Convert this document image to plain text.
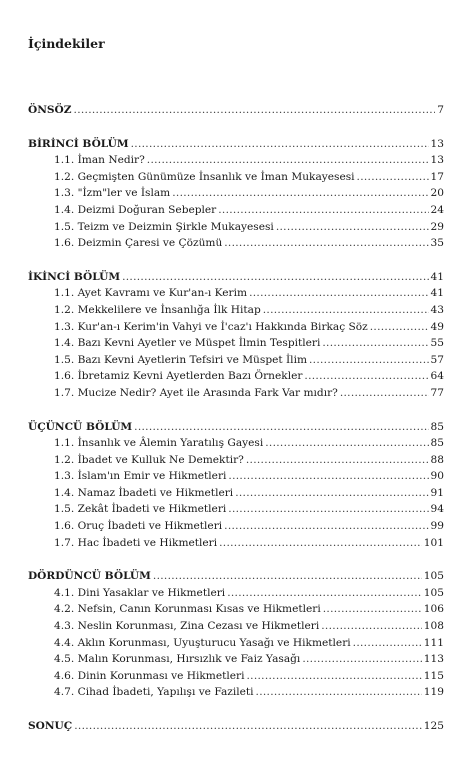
İçindekiler
ÖNSÖZ .....	7
BİRİNCİ BÖLÜM .....	13
1.1. İman Nedir? .....	13
1.2. Geçmişten Günümüze İnsanlık ve İman Mukayesesi .....	17
1.3. "İzm"ler ve İslam .....	20
1.4. Deizmi Doğuran Sebepler .....	24
1.5. Teizm ve Deizmin Şirkle Mukayesesi .....	29
1.6. Deizmin Çaresi ve Çözümü .....	35
İKİNCİ BÖLÜM .....	41
1.1. Ayet Kavramı ve Kur'an-ı Kerim .....	41
1.2. Mekkelilere ve İnsanlığa İlk Hitap .....	43
1.3. Kur'an-ı Kerim'in Vahyi ve İ'caz'ı Hakkında Birkaç Söz .....	49
1.4. Bazı Kevni Ayetler ve Müspet İlmin Tespitleri .....	55
1.5. Bazı Kevni Ayetlerin Tefsiri ve Müspet İlim .....	57
1.6. İbretamiz Kevni Ayetlerden Bazı Örnekler .....	64
1.7. Mucize Nedir? Ayet ile Arasında Fark Var mıdır? .....	77
ÜÇÜNCÜ BÖLÜM .....	85
1.1. İnsanlık ve Âlemin Yaratılış Gayesi .....	85
1.2. İbadet ve Kulluk Ne Demektir? .....	88
1.3. İslam'ın Emir ve Hikmetleri .....	90
1.4. Namaz İbadeti ve Hikmetleri .....	91
1.5. Zekât İbadeti ve Hikmetleri .....	94
1.6. Oruç İbadeti ve Hikmetleri .....	99
1.7. Hac İbadeti ve Hikmetleri .....	101
DÖRDÜNCÜ BÖLÜM .....	105
4.1. Dini Yasaklar ve Hikmetleri .....	105
4.2. Nefsin, Canın Korunması Kısas ve Hikmetleri .....	106
4.3. Neslin Korunması, Zina Cezası ve Hikmetleri .....	108
4.4. Aklın Korunması, Uyuşturucu Yasağı ve Hikmetleri .....	111
4.5. Malın Korunması, Hırsızlık ve Faiz Yasağı .....	113
4.6. Dinin Korunması ve Hikmetleri .....	115
4.7. Cihad İbadeti, Yapılışı ve Fazileti .....	119
SONUÇ .....	125
